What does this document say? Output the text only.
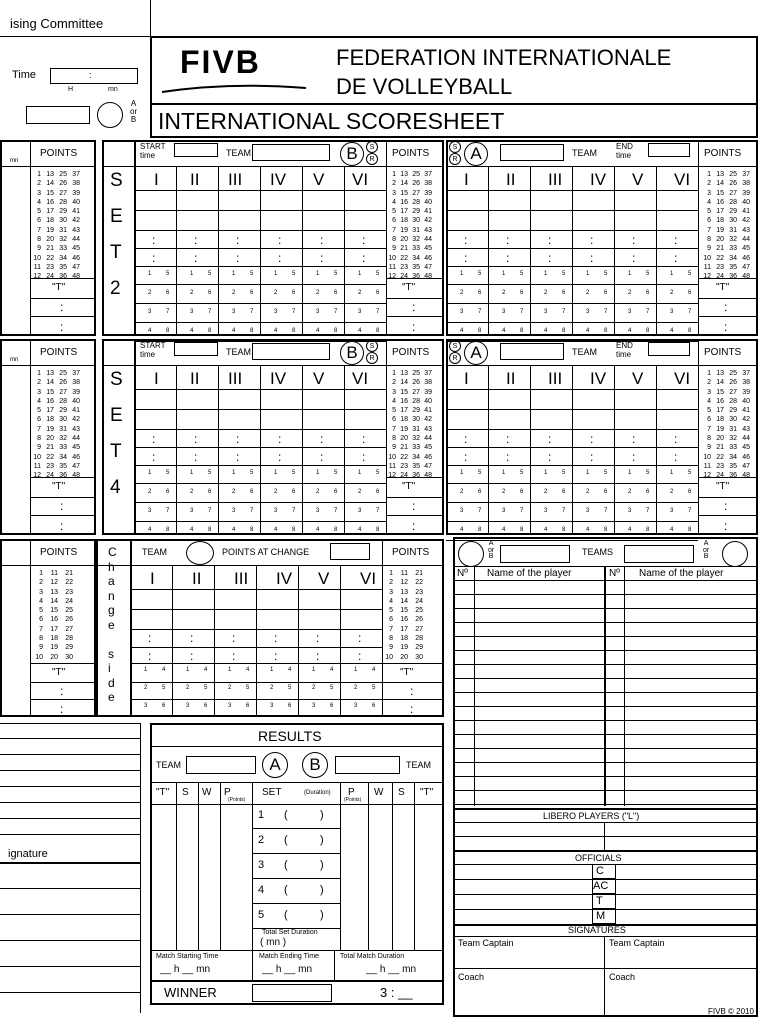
ising Committee
Time	:
H	mn
A
or
B
FIVB	FEDERATION INTERNATIONALE
DE VOLLEYBALL
INTERNATIONAL SCORESHEET
POINTS
mn
1 13 25 37
2 14 26 38
3 15 27 39
4 16 28 40
5 17 29 41
6 18 30 42
7 19 31 43
8 20 32 44
9 21 33 45
10 22 34 46
11 23 35 47
12 24 36 48
"T"
:
:
S
E
T
2
START
time	TEAM	B S
R POINTS
I II III IV V VI
:
:
:
:
:
:
:
:
:
:
:
:
1 5	1 5	1 5	1 5	1 5	1 5
2 6	2 6	2 6	2 6	2 6	2 6
3 7	3 7	3 7	3 7	3 7	3 7
4 8	4 8	4 8	4 8	4 8	4 8
1 13 25 37
2 14 26 38
3 15 27 39
4 16 28 40
5 17 29 41
6 18 30 42
7 19 31 43
8 20 32 44
9 21 33 45
10 22 34 46
11 23 35 47
12 24 36 48
"T"
:
:
S
R A	TEAM
END
time	POINTS
I II III IV V VI
:
:
:
:
:
:
:
:
:
:
:
:
1 5	1 5	1 5	1 5	1 5	1 5
2 6	2 6	2 6	2 6	2 6	2 6
3 7	3 7	3 7	3 7	3 7	3 7
4 8	4 8	4 8	4 8	4 8	4 8
1 13 25 37
2 14 26 38
3 15 27 39
4 16 28 40
5 17 29 41
6 18 30 42
7 19 31 43
8 20 32 44
9 21 33 45
10 22 34 46
11 23 35 47
12 24 36 48
"T"
:
:
POINTS
mn
1 13 25 37
2 14 26 38
3 15 27 39
4 16 28 40
5 17 29 41
6 18 30 42
7 19 31 43
8 20 32 44
9 21 33 45
10 22 34 46
11 23 35 47
12 24 36 48
"T"
:
:
S
E
T
4
START
time	TEAM	B S
R POINTS
I II III IV V VI
:
:
:
:
:
:
:
:
:
:
:
:
1 5	1 5	1 5	1 5	1 5	1 5
2 6	2 6	2 6	2 6	2 6	2 6
3 7	3 7	3 7	3 7	3 7	3 7
4 8	4 8	4 8	4 8	4 8	4 8
1 13 25 37
2 14 26 38
3 15 27 39
4 16 28 40
5 17 29 41
6 18 30 42
7 19 31 43
8 20 32 44
9 21 33 45
10 22 34 46
11 23 35 47
12 24 36 48
"T"
:
:
S
R A	TEAM
END
time	POINTS
I II III IV V VI
:
:
:
:
:
:
:
:
:
:
:
:
1 5	1 5	1 5	1 5	1 5	1 5
2 6	2 6	2 6	2 6	2 6	2 6
3 7	3 7	3 7	3 7	3 7	3 7
4 8	4 8	4 8	4 8	4 8	4 8
1 13 25 37
2 14 26 38
3 15 27 39
4 16 28 40
5 17 29 41
6 18 30 42
7 19 31 43
8 20 32 44
9 21 33 45
10 22 34 46
11 23 35 47
12 24 36 48
"T"
:
:
POINTS
1 11 21
2 12 22
3 13 23
4 14 24
5 15 25
6 16 26
7 17 27
8 18 28
9 19 29
10 20 30
"T"
:
:
C
h
a
n
g
e
s
i
d
e
TEAM	POINTS AT CHANGE	POINTS
I II III IV V VI
:
:
:
:
:
:
:
:
:
:
:
:
1 4	1 4	1 4	1 4	1 4	1 4
2 5	2 5	2 5	2 5	2 5	2 5
3 6	3 6	3 6	3 6	3 6	3 6
1 11 21
2 12 22
3 13 23
4 14 24
5 15 25
6 16 26
7 17 27
8 18 28
9 19 29
10 20 30
"T"
:
:
A
or
B	TEAMS
A
or
B
Nº Name of the player	Nº Name of the player
LIBERO PLAYERS ("L")
OFFICIALS
C
AC
T
M
SIGNATURES
Team Captain	Team Captain
Coach	Coach
RESULTS
TEAM	A B	TEAM
"T" S W P
(Points)
SET	(Duration) P W S "T"
(Points)
1 (	)
2 (	)
3 (	)
4 (	)
5 (	)
Total Set Duration
( mn )
Match Starting Time
__ h __ mn
Match Ending Time
__ h __ mn
Total Match Duration
__ h __ mn
WINNER	3 : __
ignature
FIVB © 2010
